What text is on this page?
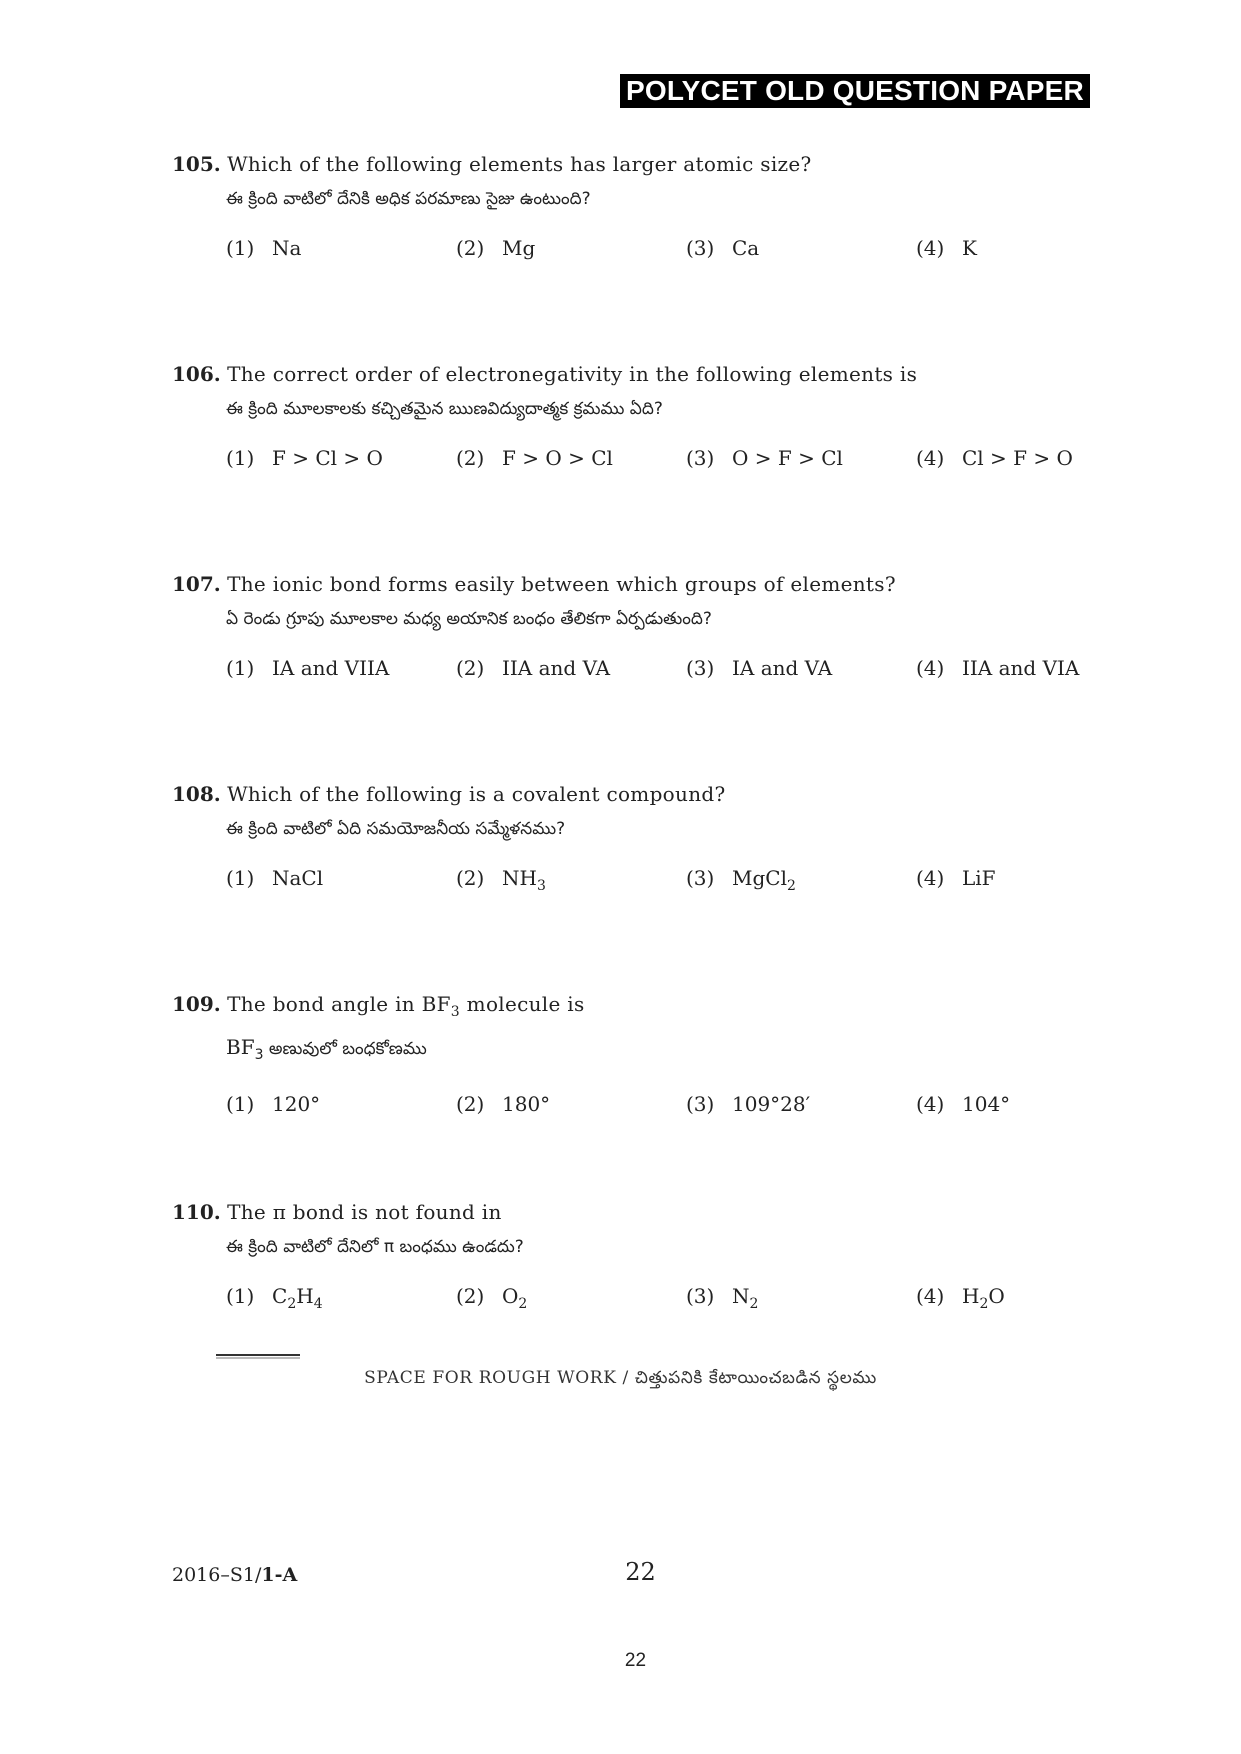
POLYCET OLD QUESTION PAPER
105. Which of the following elements has larger atomic size?
ఈ క్రింది వాటిలో దేనికి అధిక పరమాణు సైజు ఉంటుంది?
(1) Na	(2) Mg	(3) Ca	(4) K
106. The correct order of electronegativity in the following elements is
ఈ క్రింది మూలకాలకు కచ్చితమైన ఋణవిద్యుదాత్మక క్రమము ఏది?
(1) F > Cl > O	(2) F > O > Cl	(3) O > F > Cl	(4) Cl > F > O
107. The ionic bond forms easily between which groups of elements?
ఏ రెండు గ్రూపు మూలకాల మధ్య అయానిక బంధం తేలికగా ఏర్పడుతుంది?
(1) IA and VIIA	(2) IIA and VA	(3) IA and VA	(4) IIA and VIA
108. Which of the following is a covalent compound?
ఈ క్రింది వాటిలో ఏది సమయోజనీయ సమ్మేళనము?
(1) NaCl	(2) $NH_3$	(3) MgCl$_2$	(4) LiF
109. The bond angle in $BF_3$ molecule is
$BF_3$ అణువులో బంధకోణము
(1) 120°	(2) 180°	(3) 109°28′	(4) 104°
110. The π bond is not found in
ఈ క్రింది వాటిలో దేనిలో π బంధము ఉండదు?
(1) $C_2H_4$	(2) $O_2$	(3) $N_2$	(4) $H_2O$
SPACE FOR ROUGH WORK / చిత్తుపనికి కేటాయించబడిన స్థలము
2016–S1/1-A	22
22
